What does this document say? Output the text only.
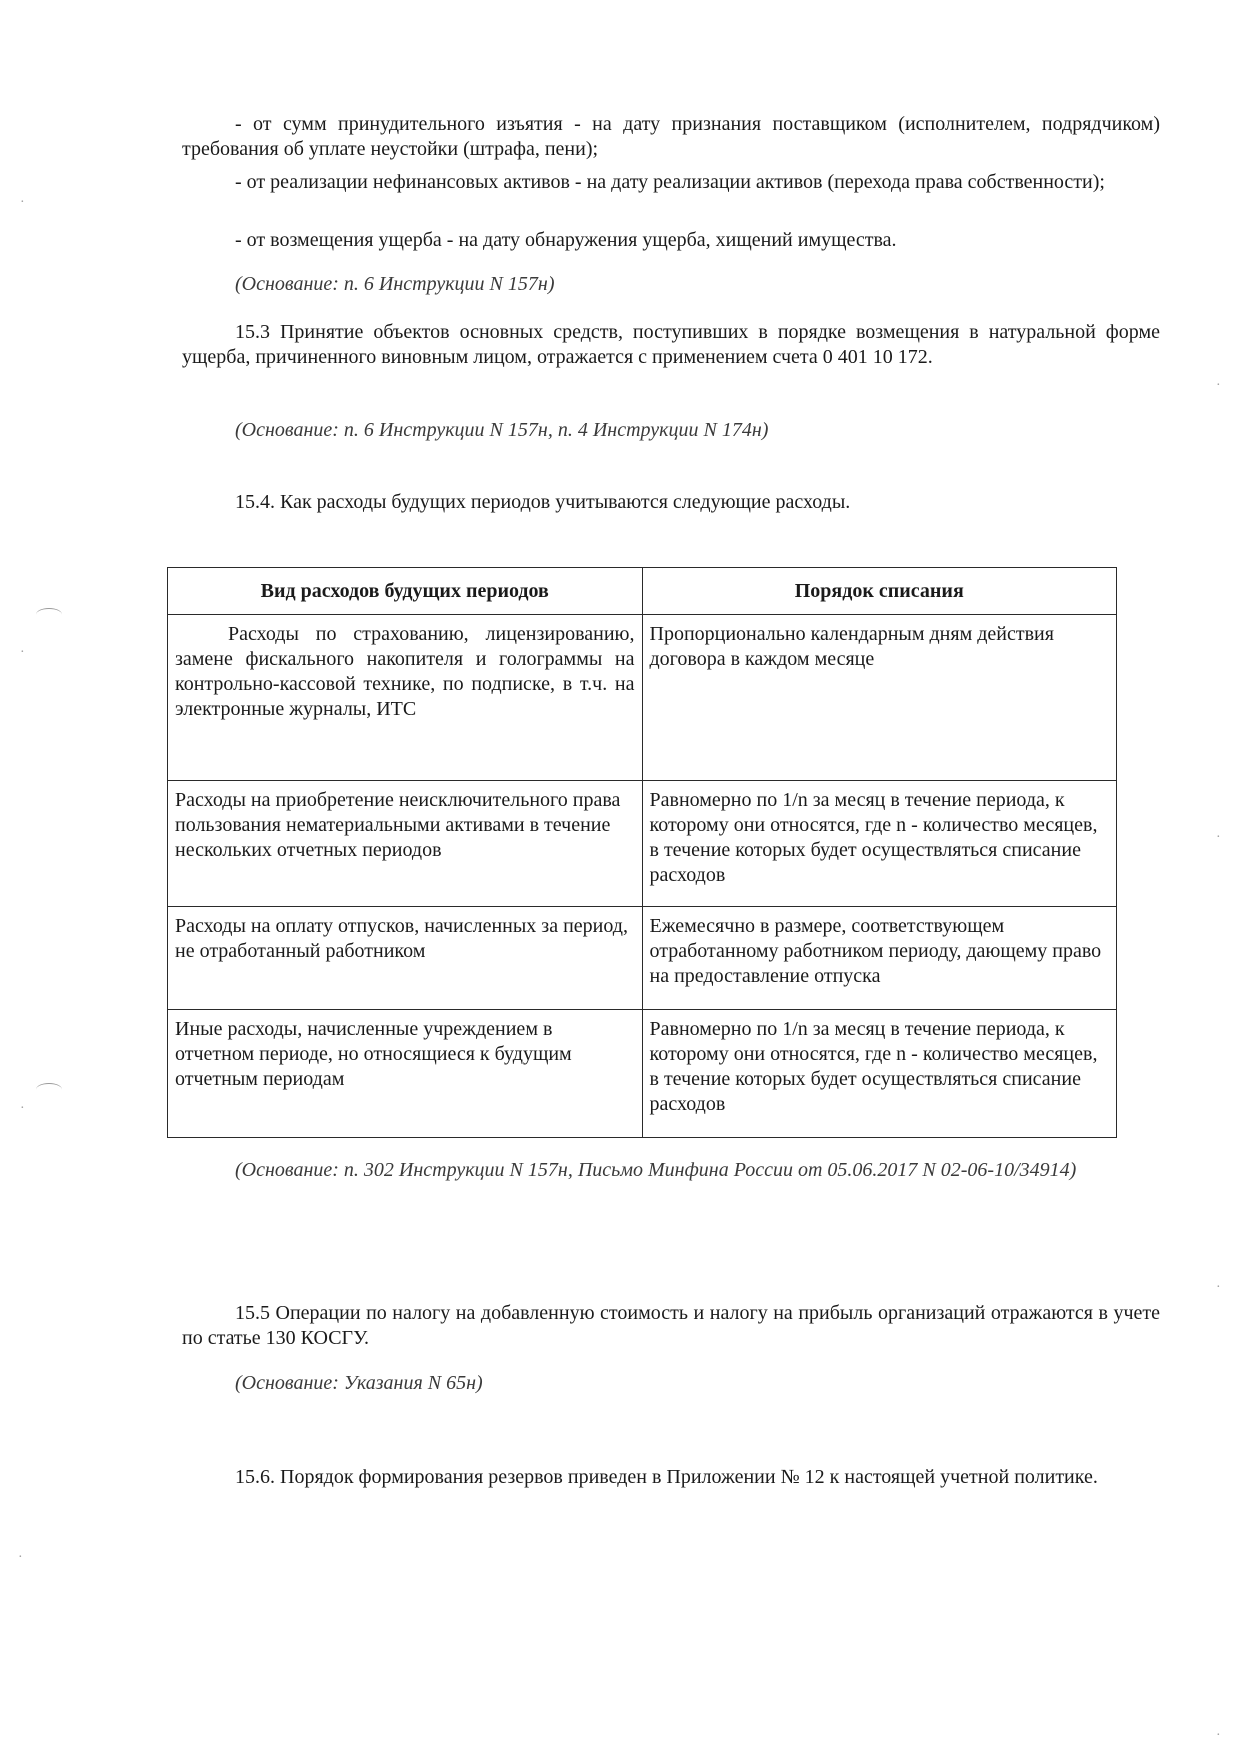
- от сумм принудительного изъятия - на дату признания поставщиком (исполнителем, подрядчиком) требования об уплате неустойки (штрафа, пени);

- от реализации нефинансовых активов - на дату реализации активов (перехода права собственности);

- от возмещения ущерба - на дату обнаружения ущерба, хищений имущества.

(Основание: п. 6 Инструкции N 157н)

15.3 Принятие объектов основных средств, поступивших в порядке возмещения в натуральной форме ущерба, причиненного виновным лицом, отражается с применением счета 0 401 10 172.

(Основание: п. 6 Инструкции N 157н, п. 4 Инструкции N 174н)

15.4. Как расходы будущих периодов учитываются следующие расходы.

Вид расходов будущих периодов	Порядок списания
Расходы по страхованию, лицензированию, замене фискального накопителя и голограммы на контрольно-кассовой технике, по подписке, в т.ч. на электронные журналы, ИТС	Пропорционально календарным дням действия договора в каждом месяце
Расходы на приобретение неисключительного права пользования нематериальными активами в течение нескольких отчетных периодов	Равномерно по 1/n за месяц в течение периода, к которому они относятся, где n - количество месяцев, в течение которых будет осуществляться списание расходов
Расходы на оплату отпусков, начисленных за период, не отработанный работником	Ежемесячно в размере, соответствующем отработанному работником периоду, дающему право на предоставление отпуска
Иные расходы, начисленные учреждением в отчетном периоде, но относящиеся к будущим отчетным периодам	Равномерно по 1/n за месяц в течение периода, к которому они относятся, где n - количество месяцев, в течение которых будет осуществляться списание расходов

(Основание: п. 302 Инструкции N 157н, Письмо Минфина России от 05.06.2017 N 02-06-10/34914)

15.5 Операции по налогу на добавленную стоимость и налогу на прибыль организаций отражаются в учете по статье 130 КОСГУ.

(Основание: Указания N 65н)

15.6. Порядок формирования резервов приведен в Приложении № 12 к настоящей учетной политике.

·
·
·
·
·
·
·
·
